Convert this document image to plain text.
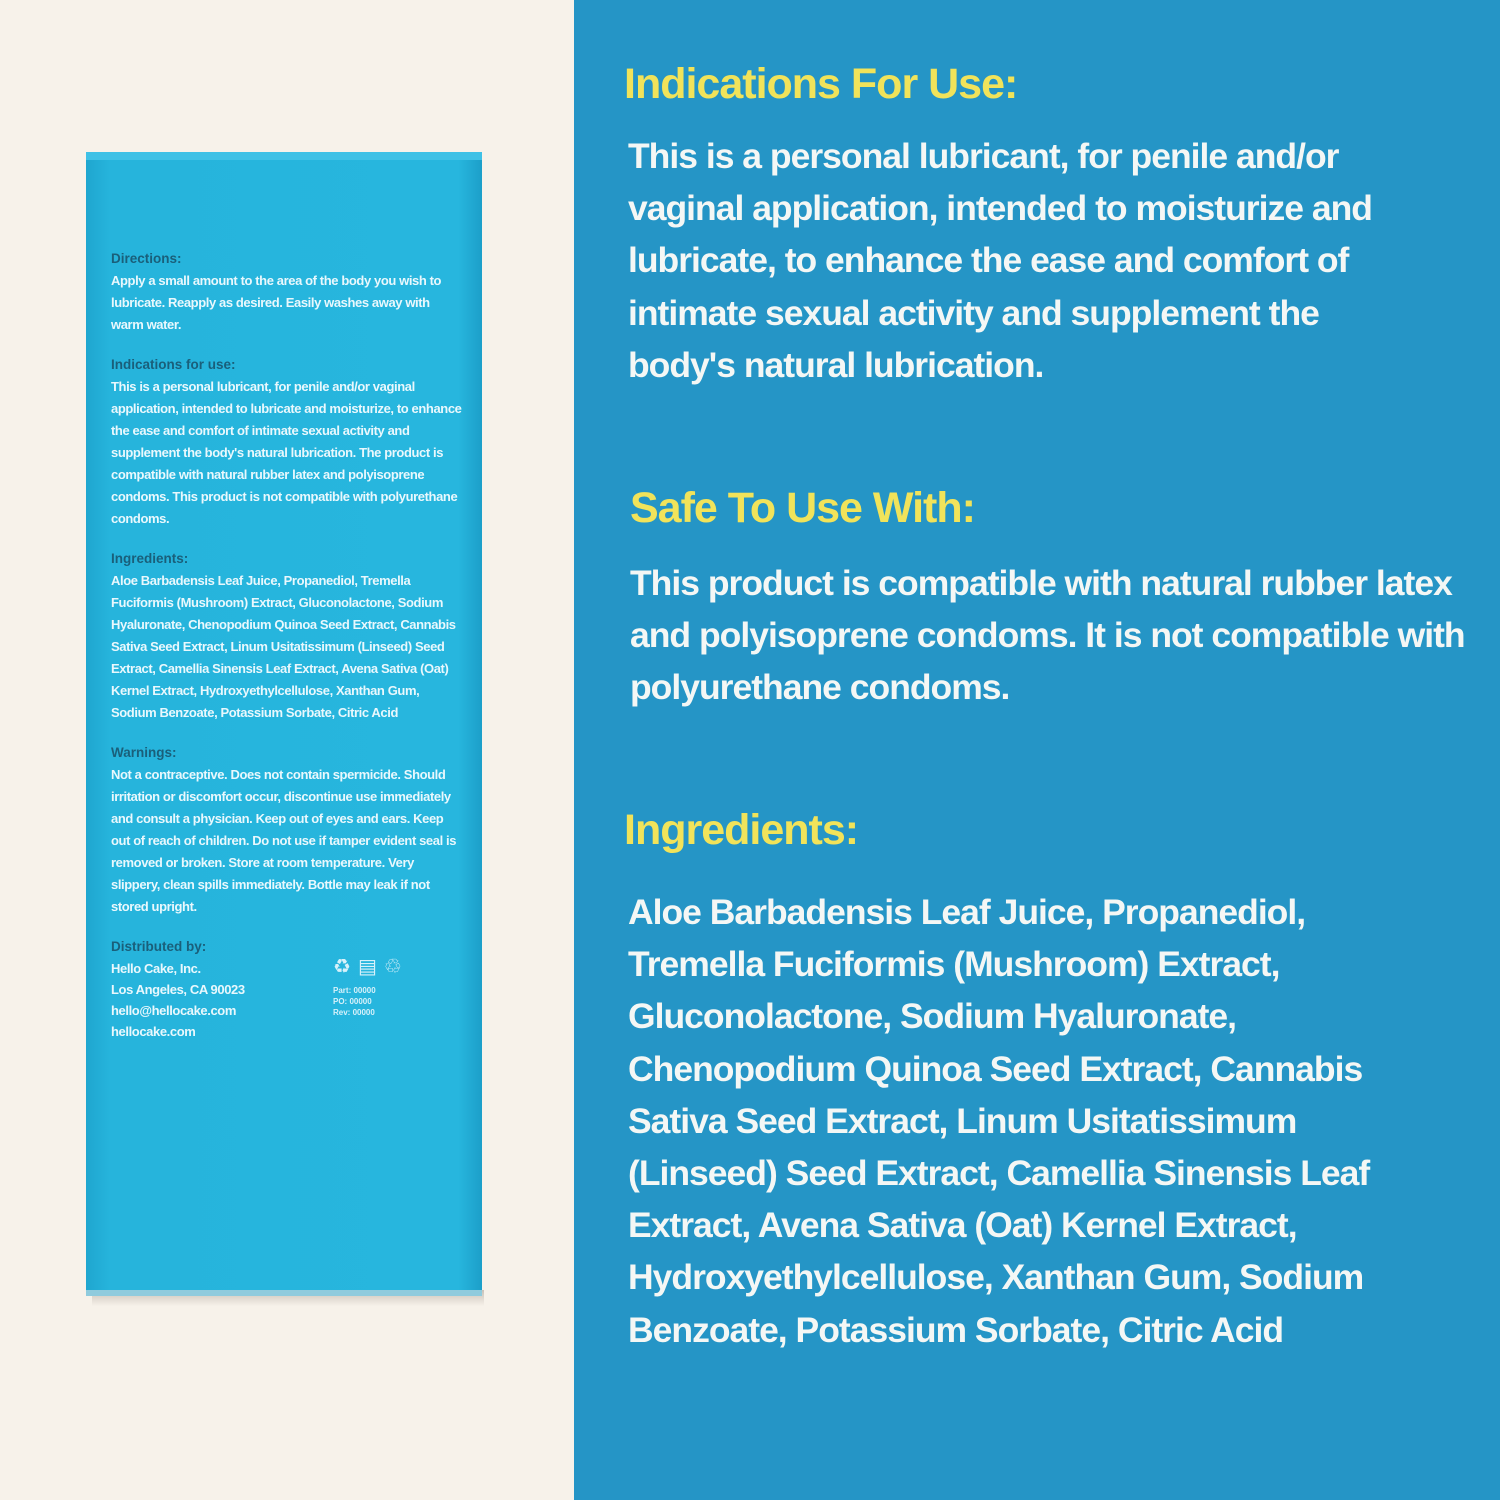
Directions:
Apply a small amount to the area of the body you wish to lubricate. Reapply as desired. Easily washes away with warm water.
Indications for use:
This is a personal lubricant, for penile and/or vaginal application, intended to lubricate and moisturize, to enhance the ease and comfort of intimate sexual activity and supplement the body's natural lubrication. The product is compatible with natural rubber latex and polyisoprene condoms. This product is not compatible with polyurethane condoms.
Ingredients:
Aloe Barbadensis Leaf Juice, Propanediol, Tremella Fuciformis (Mushroom) Extract, Gluconolactone, Sodium Hyaluronate, Chenopodium Quinoa Seed Extract, Cannabis Sativa Seed Extract, Linum Usitatissimum (Linseed) Seed Extract, Camellia Sinensis Leaf Extract, Avena Sativa (Oat) Kernel Extract, Hydroxyethylcellulose, Xanthan Gum, Sodium Benzoate, Potassium Sorbate, Citric Acid
Warnings:
Not a contraceptive. Does not contain spermicide. Should irritation or discomfort occur, discontinue use immediately and consult a physician. Keep out of eyes and ears. Keep out of reach of children. Do not use if tamper evident seal is removed or broken. Store at room temperature. Very slippery, clean spills immediately. Bottle may leak if not stored upright.
Distributed by:
Hello Cake, Inc.
Los Angeles, CA 90023
hello@hellocake.com
hellocake.com
♻ ▤ ♲
Part: 00000
PO: 00000
Rev: 00000
Indications For Use:

This is a personal lubricant, for penile and/or vaginal application, intended to moisturize and lubricate, to enhance the ease and comfort of intimate sexual activity and supplement the body's natural lubrication.

Safe To Use With:

This product is compatible with natural rubber latex and polyisoprene condoms. It is not compatible with polyurethane condoms.

Ingredients:

Aloe Barbadensis Leaf Juice, Propanediol, Tremella Fuciformis (Mushroom) Extract, Gluconolactone, Sodium Hyaluronate, Chenopodium Quinoa Seed Extract, Cannabis Sativa Seed Extract, Linum Usitatissimum (Linseed) Seed Extract, Camellia Sinensis Leaf Extract, Avena Sativa (Oat) Kernel Extract, Hydroxyethylcellulose, Xanthan Gum, Sodium Benzoate, Potassium Sorbate, Citric Acid
